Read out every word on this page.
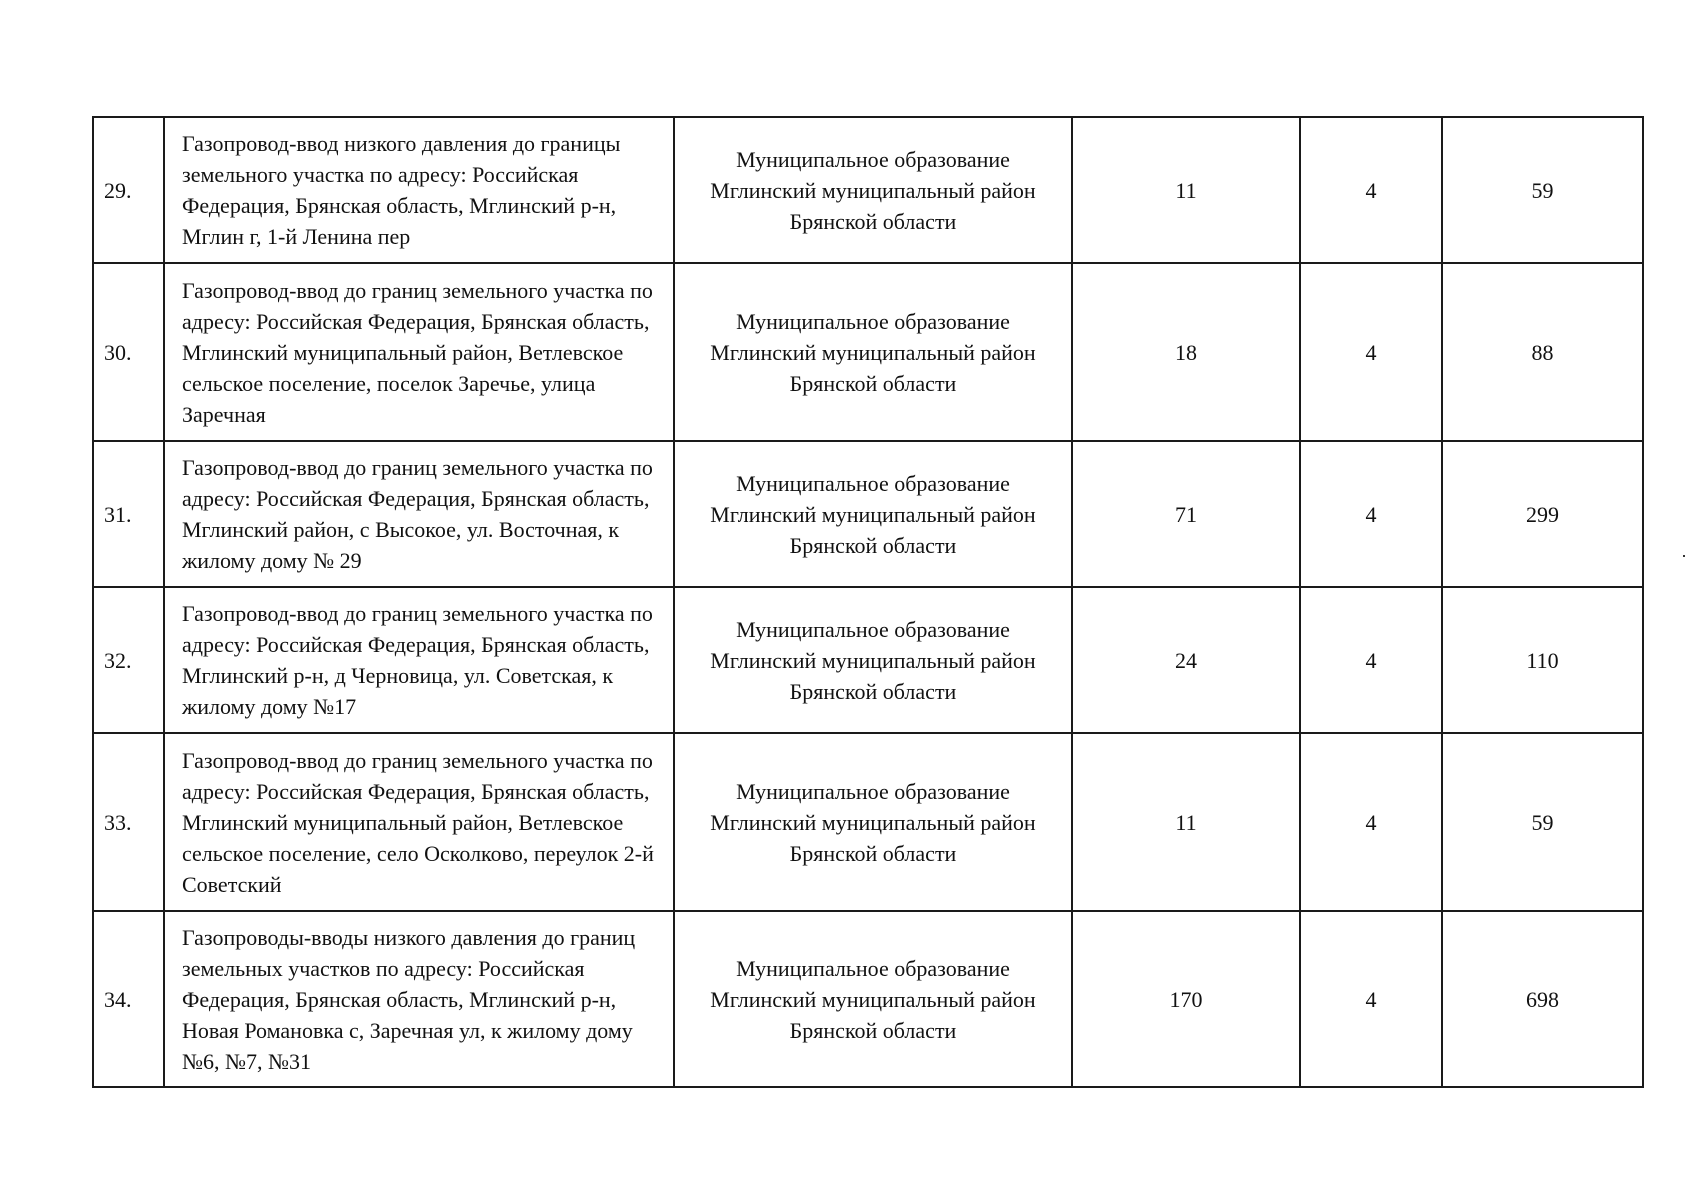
29.	Газопровод-ввод низкого давления до границы земельного участка по адресу: Российская Федерация, Брянская область, Мглинский р-н, Мглин г, 1-й Ленина пер	Муниципальное образование
Мглинский муниципальный район
Брянской области	11	4	59
30.	Газопровод-ввод до границ земельного участка по адресу: Российская Федерация, Брянская область, Мглинский муниципальный район, Ветлевское сельское поселение, поселок Заречье, улица Заречная	Муниципальное образование
Мглинский муниципальный район
Брянской области	18	4	88
31.	Газопровод-ввод до границ земельного участка по адресу: Российская Федерация, Брянская область, Мглинский район, с Высокое, ул. Восточная, к жилому дому № 29	Муниципальное образование
Мглинский муниципальный район
Брянской области	71	4	299
32.	Газопровод-ввод до границ земельного участка по адресу: Российская Федерация, Брянская область, Мглинский р-н, д Черновица, ул. Советская, к жилому дому №17	Муниципальное образование
Мглинский муниципальный район
Брянской области	24	4	110
33.	Газопровод-ввод до границ земельного участка по адресу: Российская Федерация, Брянская область, Мглинский муниципальный район, Ветлевское сельское поселение, село Осколково, переулок 2-й Советский	Муниципальное образование
Мглинский муниципальный район
Брянской области	11	4	59
34.	Газопроводы-вводы низкого давления до границ земельных участков по адресу: Российская Федерация, Брянская область, Мглинский р-н, Новая Романовка с, Заречная ул, к жилому дому №6, №7, №31	Муниципальное образование
Мглинский муниципальный район
Брянской области	170	4	698
